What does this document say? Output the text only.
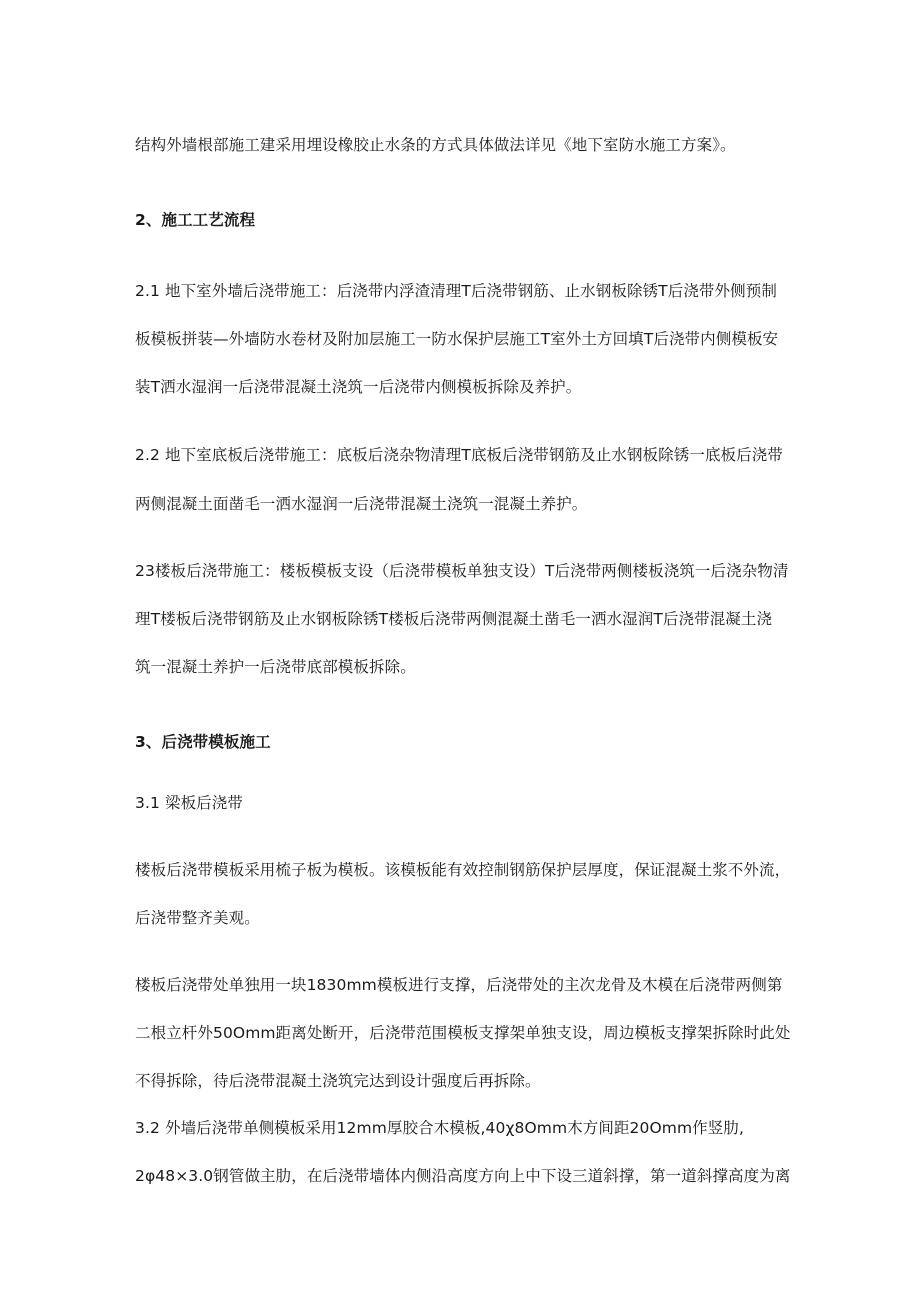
结构外墙根部施工建采用埋设橡胶止水条的方式具体做法详见《地下室防水施工方案》。
2、施工工艺流程
2.1 地下室外墙后浇带施工：后浇带内浮渣清理T后浇带钢筋、止水钢板除锈T后浇带外侧预制
板模板拼装—外墙防水卷材及附加层施工一防水保护层施工T室外土方回填T后浇带内侧模板安
装T洒水湿润一后浇带混凝土浇筑一后浇带内侧模板拆除及养护。
2.2 地下室底板后浇带施工：底板后浇杂物清理T底板后浇带钢筋及止水钢板除锈一底板后浇带
两侧混凝土面凿毛一洒水湿润一后浇带混凝土浇筑一混凝土养护。
23楼板后浇带施工：楼板模板支设（后浇带模板单独支设）T后浇带两侧楼板浇筑一后浇杂物清
理T楼板后浇带钢筋及止水钢板除锈T楼板后浇带两侧混凝土凿毛一洒水湿润T后浇带混凝土浇
筑一混凝土养护一后浇带底部模板拆除。
3、后浇带模板施工
3.1 梁板后浇带
楼板后浇带模板采用梳子板为模板。该模板能有效控制钢筋保护层厚度，保证混凝土浆不外流，
后浇带整齐美观。
楼板后浇带处单独用一块1830mm模板进行支撑，后浇带处的主次龙骨及木模在后浇带两侧第
二根立杆外50Omm距离处断开，后浇带范围模板支撑架单独支设，周边模板支撑架拆除时此处
不得拆除，待后浇带混凝土浇筑完达到设计强度后再拆除。
3.2 外墙后浇带单侧模板采用12mm厚胶合木模板,40χ8Omm木方间距20Omm作竖肋,
2φ48×3.0钢管做主肋，在后浇带墙体内侧沿高度方向上中下设三道斜撑，第一道斜撑高度为离
